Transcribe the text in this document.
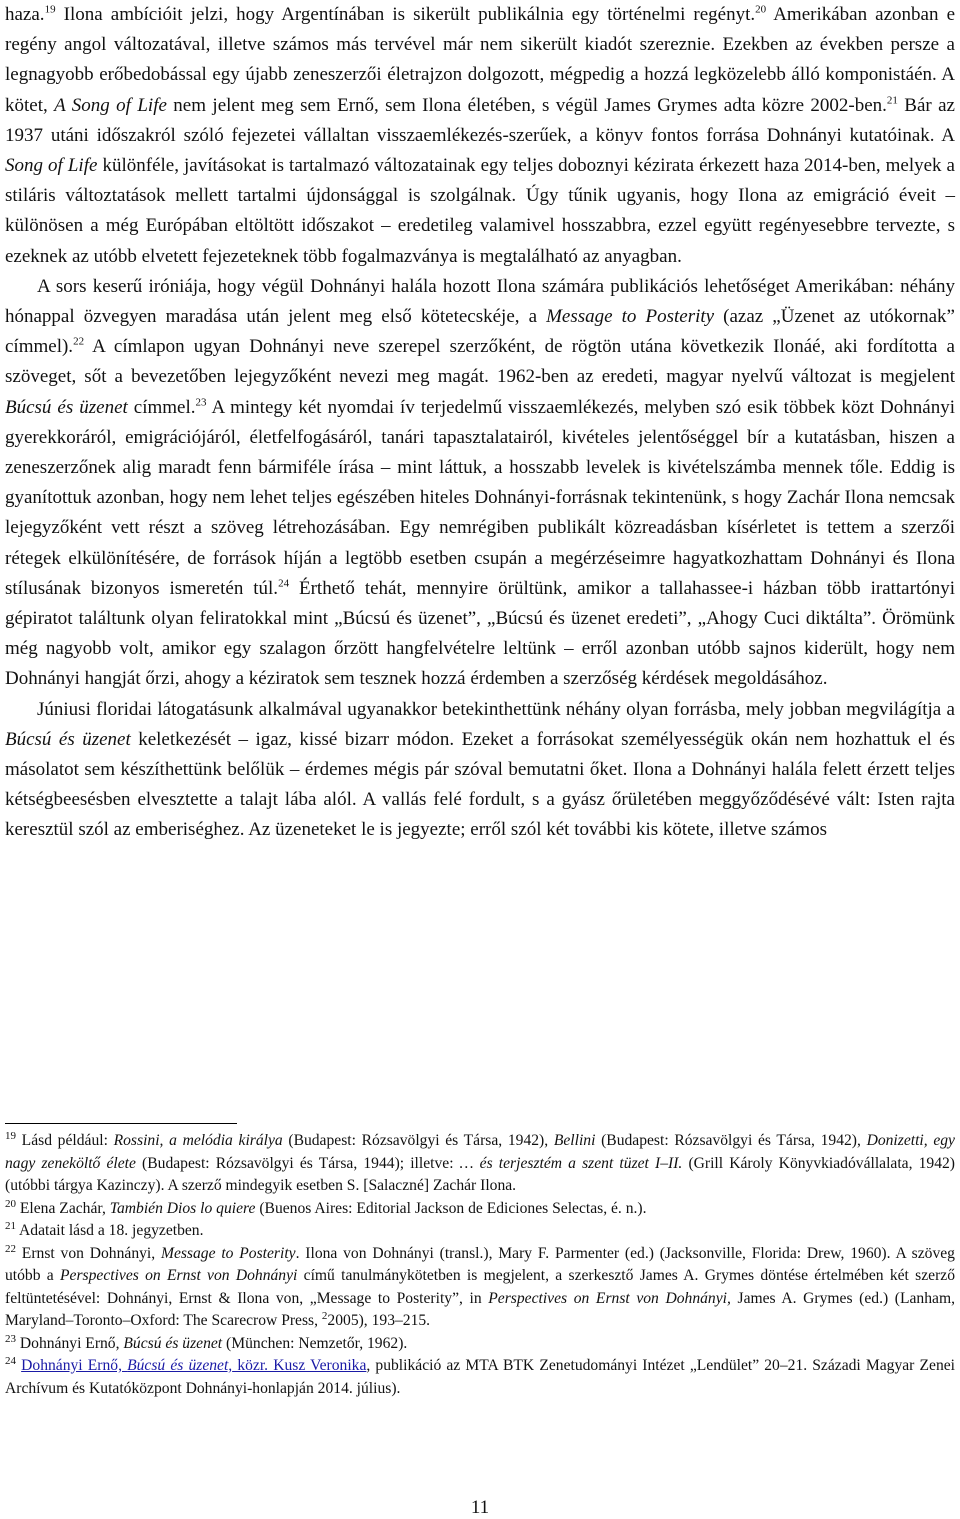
haza.$^{19}$ Ilona ambícióit jelzi, hogy Argentínában is sikerült publikálnia egy történelmi regényt.$^{20}$ Amerikában azonban e regény angol változatával, illetve számos más tervével már nem sikerült kiadót szereznie. Ezekben az években persze a legnagyobb erőbedobással egy újabb zeneszerzői életrajzon dolgozott, mégpedig a hozzá legközelebb álló komponistáén. A kötet, A Song of Life nem jelent meg sem Ernő, sem Ilona életében, s végül James Grymes adta közre 2002-ben.$^{21}$ Bár az 1937 utáni időszakról szóló fejezetei vállaltan visszaemlékezés-szerűek, a könyv fontos forrása Dohnányi kutatóinak. A Song of Life különféle, javításokat is tartalmazó változatainak egy teljes doboznyi kézirata érkezett haza 2014-ben, melyek a stiláris változtatások mellett tartalmi újdonsággal is szolgálnak. Úgy tűnik ugyanis, hogy Ilona az emigráció éveit – különösen a még Európában eltöltött időszakot – eredetileg valamivel hosszabbra, ezzel együtt regényesebbre tervezte, s ezeknek az utóbb elvetett fejezeteknek több fogalmazványa is megtalálható az anyagban.

A sors keserű iróniája, hogy végül Dohnányi halála hozott Ilona számára publikációs lehetőséget Amerikában: néhány hónappal özvegyen maradása után jelent meg első kötetecskéje, a Message to Posterity (azaz „Üzenet az utókornak” címmel).$^{22}$ A címlapon ugyan Dohnányi neve szerepel szerzőként, de rögtön utána következik Ilonáé, aki fordította a szöveget, sőt a bevezetőben lejegyzőként nevezi meg magát. 1962-ben az eredeti, magyar nyelvű változat is megjelent Búcsú és üzenet címmel.$^{23}$ A mintegy két nyomdai ív terjedelmű visszaemlékezés, melyben szó esik többek közt Dohnányi gyerekkoráról, emigrációjáról, életfelfogásáról, tanári tapasztalatairól, kivételes jelentőséggel bír a kutatásban, hiszen a zeneszerzőnek alig maradt fenn bármiféle írása – mint láttuk, a hosszabb levelek is kivételszámba mennek tőle. Eddig is gyanítottuk azonban, hogy nem lehet teljes egészében hiteles Dohnányi-forrásnak tekintenünk, s hogy Zachár Ilona nemcsak lejegyzőként vett részt a szöveg létrehozásában. Egy nemrégiben publikált közreadásban kísérletet is tettem a szerzői rétegek elkülönítésére, de források híján a legtöbb esetben csupán a megérzéseimre hagyatkozhattam Dohnányi és Ilona stílusának bizonyos ismeretén túl.$^{24}$ Érthető tehát, mennyire örültünk, amikor a tallahassee-i házban több irattartónyi gépiratot találtunk olyan feliratokkal mint „Búcsú és üzenet”, „Búcsú és üzenet eredeti”, „Ahogy Cuci diktálta”. Örömünk még nagyobb volt, amikor egy szalagon őrzött hangfelvételre leltünk – erről azonban utóbb sajnos kiderült, hogy nem Dohnányi hangját őrzi, ahogy a kéziratok sem tesznek hozzá érdemben a szerzőség kérdések megoldásához.

Júniusi floridai látogatásunk alkalmával ugyanakkor betekinthettünk néhány olyan forrásba, mely jobban megvilágítja a Búcsú és üzenet keletkezését – igaz, kissé bizarr módon. Ezeket a forrásokat személyességük okán nem hozhattuk el és másolatot sem készíthettünk belőlük – érdemes mégis pár szóval bemutatni őket. Ilona a Dohnányi halála felett érzett teljes kétségbeesésben elvesztette a talajt lába alól. A vallás felé fordult, s a gyász őrületében meggyőződésévé vált: Isten rajta keresztül szól az emberiséghez. Az üzeneteket le is jegyezte; erről szól két további kis kötete, illetve számos

$^{19}$ Lásd például: Rossini, a melódia királya (Budapest: Rózsavölgyi és Társa, 1942), Bellini (Budapest: Rózsavölgyi és Társa, 1942), Donizetti, egy nagy zeneköltő élete (Budapest: Rózsavölgyi és Társa, 1944); illetve: … és terjesztém a szent tüzet I–II. (Grill Károly Könyvkiadóvállalata, 1942) (utóbbi tárgya Kazinczy). A szerző mindegyik esetben S. [Salaczné] Zachár Ilona.

$^{20}$ Elena Zachár, También Dios lo quiere (Buenos Aires: Editorial Jackson de Ediciones Selectas, é. n.).

$^{21}$ Adatait lásd a 18. jegyzetben.

$^{22}$ Ernst von Dohnányi, Message to Posterity. Ilona von Dohnányi (transl.), Mary F. Parmenter (ed.) (Jacksonville, Florida: Drew, 1960). A szöveg utóbb a Perspectives on Ernst von Dohnányi című tanulmánykötetben is megjelent, a szerkesztő James A. Grymes döntése értelmében két szerző feltüntetésével: Dohnányi, Ernst & Ilona von, „Message to Posterity”, in Perspectives on Ernst von Dohnányi, James A. Grymes (ed.) (Lanham, Maryland–Toronto–Oxford: The Scarecrow Press, $^2$2005), 193–215.

$^{23}$ Dohnányi Ernő, Búcsú és üzenet (München: Nemzetőr, 1962).

$^{24}$ Dohnányi Ernő, Búcsú és üzenet, közr. Kusz Veronika, publikáció az MTA BTK Zenetudományi Intézet „Lendület” 20–21. Századi Magyar Zenei Archívum és Kutatóközpont Dohnányi-honlapján 2014. július).

11
